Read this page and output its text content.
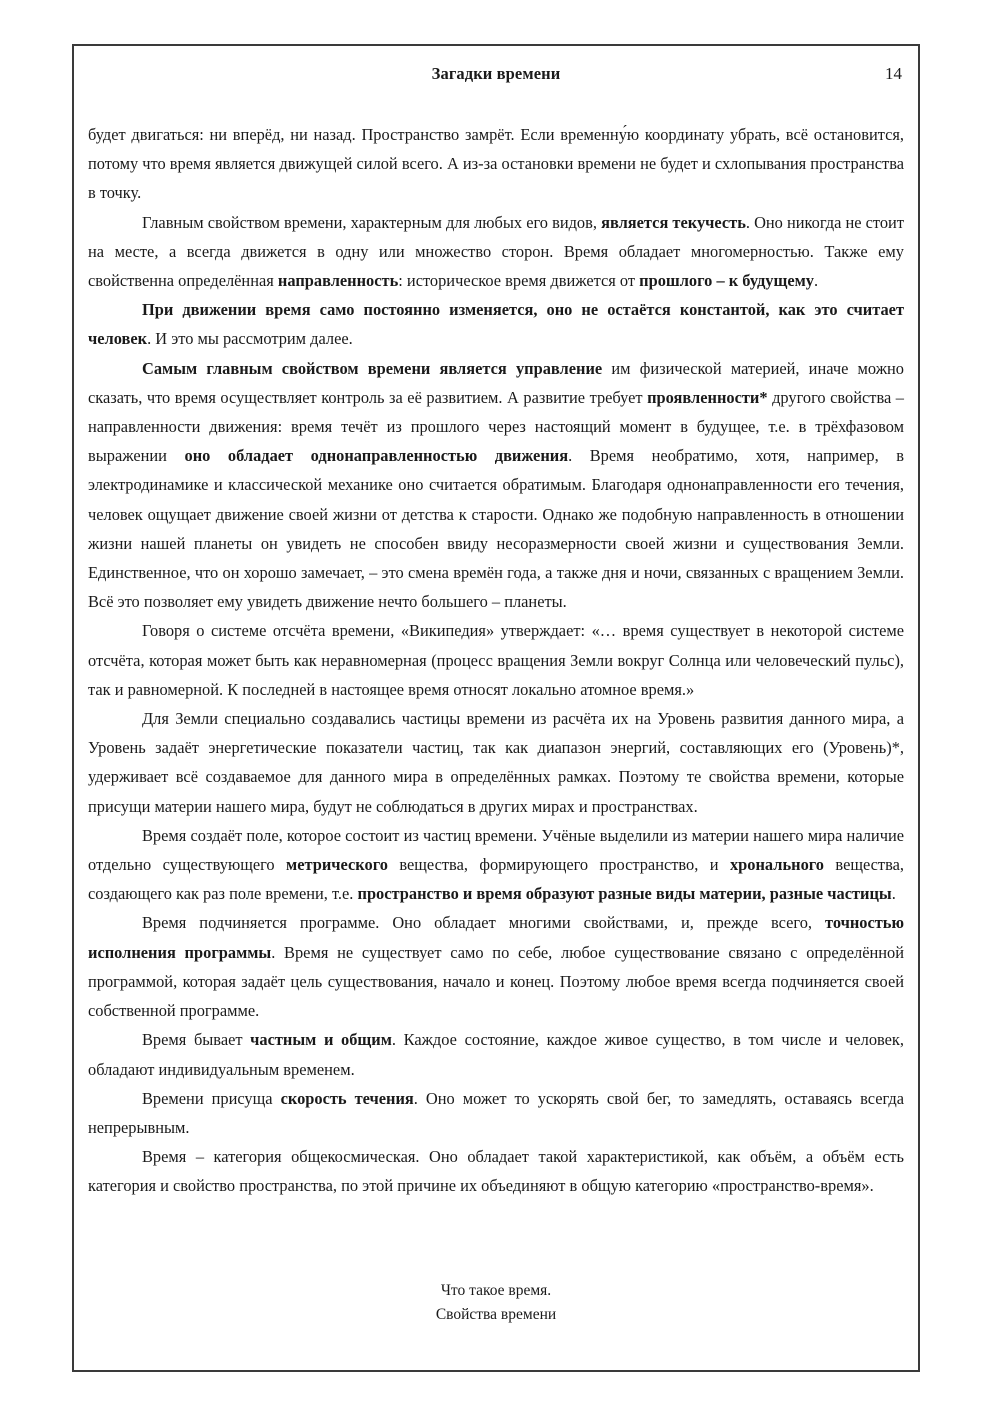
Загадки времени	14

будет двигаться: ни вперёд, ни назад. Пространство замрёт. Если временну́ю координату убрать, всё остановится, потому что время является движущей силой всего. А из-за остановки времени не будет и схлопывания пространства в точку.

Главным свойством времени, характерным для любых его видов, является текучесть. Оно никогда не стоит на месте, а всегда движется в одну или множество сторон. Время обладает многомерностью. Также ему свойственна определённая направленность: историческое время движется от прошлого – к будущему.

При движении время само постоянно изменяется, оно не остаётся константой, как это считает человек. И это мы рассмотрим далее.

Самым главным свойством времени является управление им физической материей, иначе можно сказать, что время осуществляет контроль за её развитием. А развитие требует проявленности* другого свойства – направленности движения: время течёт из прошлого через настоящий момент в будущее, т.е. в трёхфазовом выражении оно обладает однонаправленностью движения. Время необратимо, хотя, например, в электродинамике и классической механике оно считается обратимым. Благодаря однонаправленности его течения, человек ощущает движение своей жизни от детства к старости. Однако же подобную направленность в отношении жизни нашей планеты он увидеть не способен ввиду несоразмерности своей жизни и существования Земли. Единственное, что он хорошо замечает, – это смена времён года, а также дня и ночи, связанных с вращением Земли. Всё это позволяет ему увидеть движение нечто большего – планеты.

Говоря о системе отсчёта времени, «Википедия» утверждает: «… время существует в некоторой системе отсчёта, которая может быть как неравномерная (процесс вращения Земли вокруг Солнца или человеческий пульс), так и равномерной. К последней в настоящее время относят локально атомное время.»

Для Земли специально создавались частицы времени из расчёта их на Уровень развития данного мира, а Уровень задаёт энергетические показатели частиц, так как диапазон энергий, составляющих его (Уровень)*, удерживает всё создаваемое для данного мира в определённых рамках. Поэтому те свойства времени, которые присущи материи нашего мира, будут не соблюдаться в других мирах и пространствах.

Время создаёт поле, которое состоит из частиц времени. Учёные выделили из материи нашего мира наличие отдельно существующего метрического вещества, формирующего пространство, и хронального вещества, создающего как раз поле времени, т.е. пространство и время образуют разные виды материи, разные частицы.

Время подчиняется программе. Оно обладает многими свойствами, и, прежде всего, точностью исполнения программы. Время не существует само по себе, любое существование связано с определённой программой, которая задаёт цель существования, начало и конец. Поэтому любое время всегда подчиняется своей собственной программе.

Время бывает частным и общим. Каждое состояние, каждое живое существо, в том числе и человек, обладают индивидуальным временем.

Времени присуща скорость течения. Оно может то ускорять свой бег, то замедлять, оставаясь всегда непрерывным.

Время – категория общекосмическая. Оно обладает такой характеристикой, как объём, а объём есть категория и свойство пространства, по этой причине их объединяют в общую категорию «пространство-время».

Что такое время.
Свойства времени
